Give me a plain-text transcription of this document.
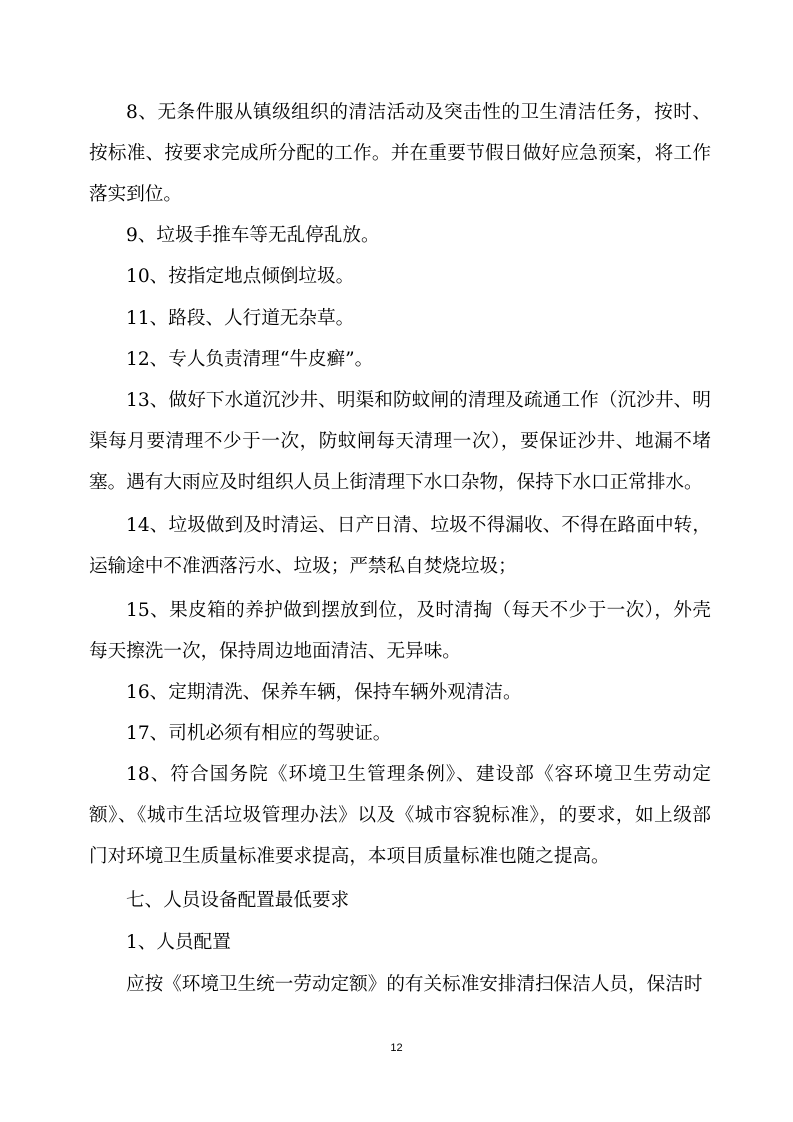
8、无条件服从镇级组织的清洁活动及突击性的卫生清洁任务，按时、按标准、按要求完成所分配的工作。并在重要节假日做好应急预案，将工作落实到位。

9、垃圾手推车等无乱停乱放。

10、按指定地点倾倒垃圾。

11、路段、人行道无杂草。

12、专人负责清理“牛皮癣”。

13、做好下水道沉沙井、明渠和防蚊闸的清理及疏通工作（沉沙井、明渠每月要清理不少于一次，防蚊闸每天清理一次），要保证沙井、地漏不堵塞。遇有大雨应及时组织人员上街清理下水口杂物，保持下水口正常排水。

14、垃圾做到及时清运、日产日清、垃圾不得漏收、不得在路面中转，运输途中不准洒落污水、垃圾；严禁私自焚烧垃圾；

15、果皮箱的养护做到摆放到位，及时清掏（每天不少于一次），外壳每天擦洗一次，保持周边地面清洁、无异味。

16、定期清洗、保养车辆，保持车辆外观清洁。

17、司机必须有相应的驾驶证。

18、符合国务院《环境卫生管理条例》、建设部《容环境卫生劳动定额》、《城市生活垃圾管理办法》以及《城市容貌标准》，的要求，如上级部门对环境卫生质量标准要求提高，本项目质量标准也随之提高。

七、人员设备配置最低要求

1、人员配置

应按《环境卫生统一劳动定额》的有关标准安排清扫保洁人员，保洁时

12
